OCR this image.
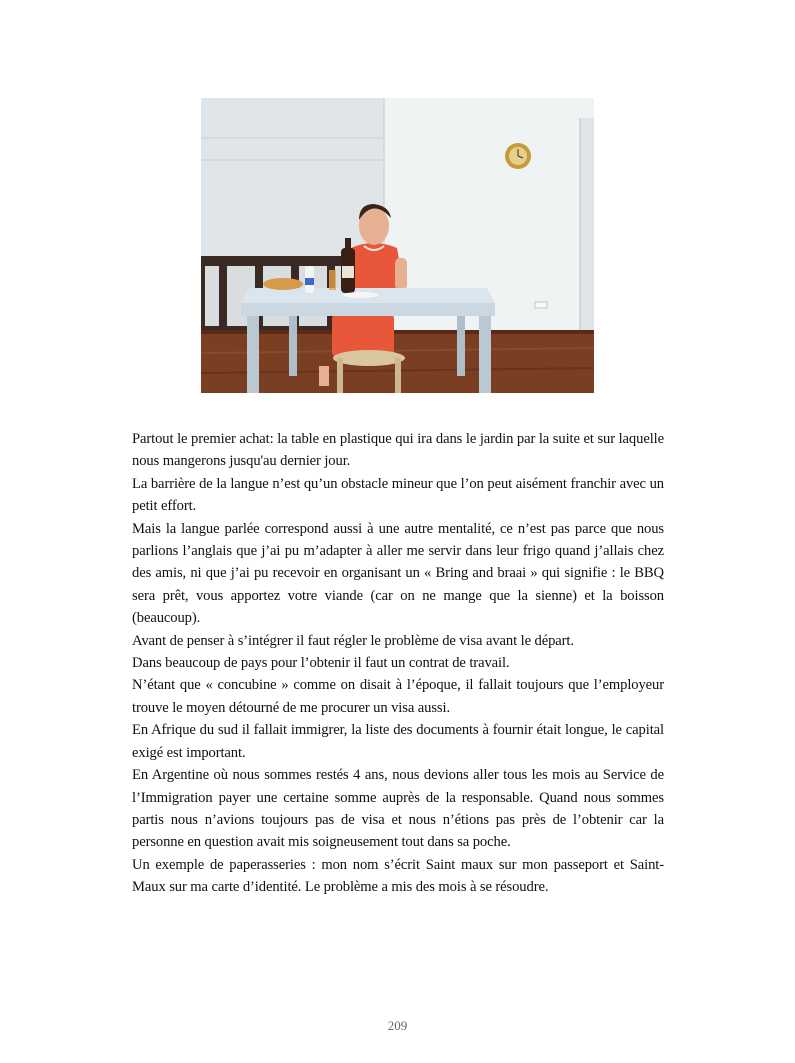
Partout le premier achat: la table en plastique qui ira dans le jardin par la suite et sur laquelle nous mangerons jusqu'au dernier jour.

La barrière de la langue n’est qu’un obstacle mineur que l’on peut aisément franchir avec un petit effort.

Mais la langue parlée correspond aussi à une autre mentalité, ce n’est pas parce que nous parlions l’anglais que j’ai pu m’adapter à aller me servir dans leur frigo quand j’allais chez des amis, ni que j’ai pu recevoir en organisant un « Bring and braai » qui signifie : le BBQ sera prêt, vous apportez votre viande (car on ne mange que la sienne) et la boisson (beaucoup).

Avant de penser à s’intégrer il faut régler le problème de visa avant le départ.

Dans beaucoup de pays pour l’obtenir il faut un contrat de travail.

N’étant que « concubine » comme on disait à l’époque, il fallait toujours que l’employeur trouve le moyen détourné de me procurer un visa aussi.

En Afrique du sud il fallait immigrer, la liste des documents à fournir était longue, le capital exigé est important.

En Argentine où nous sommes restés 4 ans, nous devions aller tous les mois au Service de l’Immigration payer une certaine somme auprès de la responsable. Quand nous sommes partis nous n’avions toujours pas de visa et nous n’étions pas près de l’obtenir car la personne en question avait mis soigneusement tout dans sa poche.

Un exemple de paperasseries : mon nom s’écrit Saint maux sur mon passeport et Saint-Maux sur ma carte d’identité. Le problème a mis des mois à se résoudre.

209
